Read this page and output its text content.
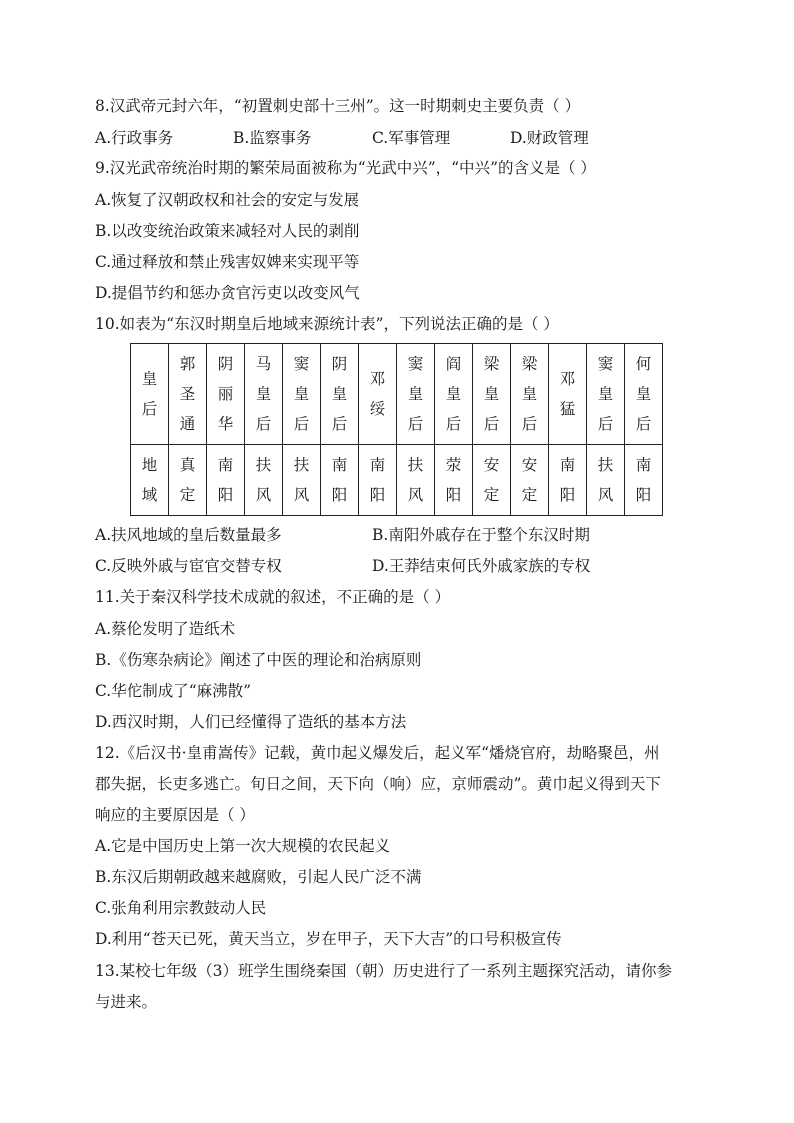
8.汉武帝元封六年，“初置刺史部十三州”。这一时期刺史主要负责（ ）
A.行政事务	B.监察事务	C.军事管理	D.财政管理
9.汉光武帝统治时期的繁荣局面被称为“光武中兴”，“中兴”的含义是（ ）
A.恢复了汉朝政权和社会的安定与发展
B.以改变统治政策来减轻对人民的剥削
C.通过释放和禁止残害奴婢来实现平等
D.提倡节约和惩办贪官污吏以改变风气
10.如表为“东汉时期皇后地域来源统计表”，下列说法正确的是（ ）
皇后	郭圣通	阴丽华	马皇后	窦皇后	阴皇后	邓绥	窦皇后	阎皇后	梁皇后	梁皇后	邓猛	窦皇后	何皇后
地域	真定	南阳	扶风	扶风	南阳	南阳	扶风	荥阳	安定	安定	南阳	扶风	南阳
A.扶风地域的皇后数量最多	B.南阳外戚存在于整个东汉时期
C.反映外戚与宦官交替专权	D.王莽结束何氏外戚家族的专权
11.关于秦汉科学技术成就的叙述，不正确的是（ ）
A.蔡伦发明了造纸术
B.《伤寒杂病论》阐述了中医的理论和治病原则
C.华佗制成了“麻沸散”
D.西汉时期，人们已经懂得了造纸的基本方法
12.《后汉书·皇甫嵩传》记载，黄巾起义爆发后，起义军“燔烧官府，劫略聚邑，州
郡失据，长吏多逃亡。旬日之间，天下向（响）应，京师震动”。黄巾起义得到天下
响应的主要原因是（ ）
A.它是中国历史上第一次大规模的农民起义
B.东汉后期朝政越来越腐败，引起人民广泛不满
C.张角利用宗教鼓动人民
D.利用“苍天已死，黄天当立，岁在甲子，天下大吉”的口号积极宣传
13.某校七年级（3）班学生围绕秦国（朝）历史进行了一系列主题探究活动，请你参
与进来。
